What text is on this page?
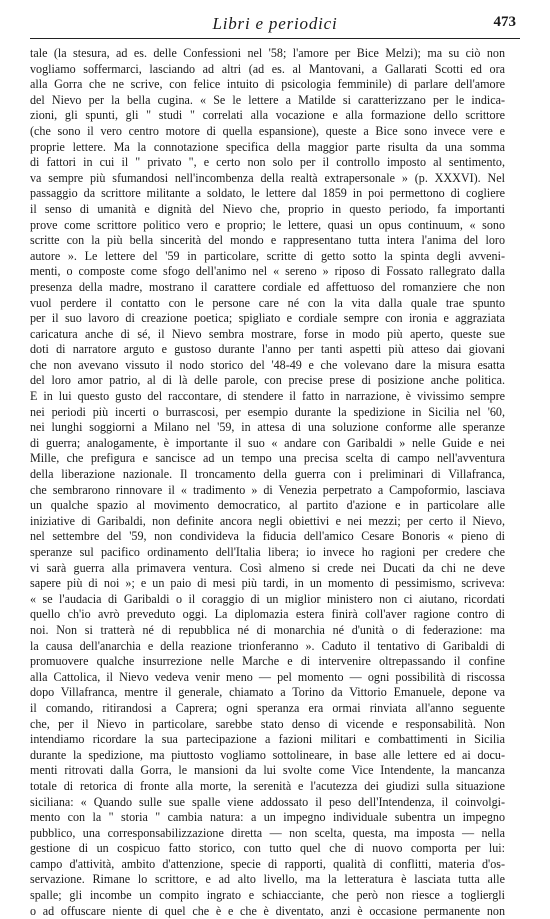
Libri e periodici	473
tale (la stesura, ad es. delle Confessioni nel '58; l'amore per Bice Melzi); ma su ciò non
vogliamo soffermarci, lasciando ad altri (ad es. al Mantovani, a Gallarati Scotti ed ora
alla Gorra che ne scrive, con felice intuito di psicologia femminile) di parlare dell'amore
del Nievo per la bella cugina. « Se le lettere a Matilde si caratterizzano per le indica-
zioni, gli spunti, gli " studi " correlati alla vocazione e alla formazione dello scrittore
(che sono il vero centro motore di quella espansione), queste a Bice sono invece vere e
proprie lettere. Ma la connotazione specifica della maggior parte risulta da una somma
di fattori in cui il " privato ", e certo non solo per il controllo imposto al sentimento,
va sempre più sfumandosi nell'incombenza della realtà extrapersonale » (p. XXXVI). Nel
passaggio da scrittore militante a soldato, le lettere dal 1859 in poi permettono di cogliere
il senso di umanità e dignità del Nievo che, proprio in questo periodo, fa importanti
prove come scrittore politico vero e proprio; le lettere, quasi un opus continuum, « sono
scritte con la più bella sincerità del mondo e rappresentano tutta intera l'anima del loro
autore ». Le lettere del '59 in particolare, scritte di getto sotto la spinta degli avveni-
menti, o composte come sfogo dell'animo nel « sereno » riposo di Fossato rallegrato dalla
presenza della madre, mostrano il carattere cordiale ed affettuoso del romanziere che non
vuol perdere il contatto con le persone care né con la vita dalla quale trae spunto
per il suo lavoro di creazione poetica; spigliato e cordiale sempre con ironia e aggraziata
caricatura anche di sé, il Nievo sembra mostrare, forse in modo più aperto, queste sue
doti di narratore arguto e gustoso durante l'anno per tanti aspetti più atteso dai giovani
che non avevano vissuto il nodo storico del '48-49 e che volevano dare la misura esatta
del loro amor patrio, al di là delle parole, con precise prese di posizione anche politica.
E in lui questo gusto del raccontare, di stendere il fatto in narrazione, è vivissimo sempre
nei periodi più incerti o burrascosi, per esempio durante la spedizione in Sicilia nel '60,
nei lunghi soggiorni a Milano nel '59, in attesa di una soluzione conforme alle speranze
di guerra; analogamente, è importante il suo « andare con Garibaldi » nelle Guide e nei
Mille, che prefigura e sancisce ad un tempo una precisa scelta di campo nell'avventura
della liberazione nazionale. Il troncamento della guerra con i preliminari di Villafranca,
che sembrarono rinnovare il « tradimento » di Venezia perpetrato a Campoformio, lasciava
un qualche spazio al movimento democratico, al partito d'azione e in particolare alle
iniziative di Garibaldi, non definite ancora negli obiettivi e nei mezzi; per certo il Nievo,
nel settembre del '59, non condivideva la fiducia dell'amico Cesare Bonoris « pieno di
speranze sul pacifico ordinamento dell'Italia libera; io invece ho ragioni per credere che
vi sarà guerra alla primavera ventura. Così almeno si crede nei Ducati da chi ne deve
sapere più di noi »; e un paio di mesi più tardi, in un momento di pessimismo, scriveva:
« se l'audacia di Garibaldi o il coraggio di un miglior ministero non ci aiutano, ricordati
quello ch'io avrò preveduto oggi. La diplomazia estera finirà coll'aver ragione contro di
noi. Non si tratterà né di repubblica né di monarchia né d'unità o di federazione: ma
la causa dell'anarchia e della reazione trionferanno ». Caduto il tentativo di Garibaldi di
promuovere qualche insurrezione nelle Marche e di intervenire oltrepassando il confine
alla Cattolica, il Nievo vedeva venir meno — pel momento — ogni possibilità di riscossa
dopo Villafranca, mentre il generale, chiamato a Torino da Vittorio Emanuele, depone va
il comando, ritirandosi a Caprera; ogni speranza era ormai rinviata all'anno seguente
che, per il Nievo in particolare, sarebbe stato denso di vicende e responsabilità. Non
intendiamo ricordare la sua partecipazione a fazioni militari e combattimenti in Sicilia
durante la spedizione, ma piuttosto vogliamo sottolineare, in base alle lettere ed ai docu-
menti ritrovati dalla Gorra, le mansioni da lui svolte come Vice Intendente, la mancanza
totale di retorica di fronte alla morte, la serenità e l'acutezza dei giudizi sulla situazione
siciliana: « Quando sulle sue spalle viene addossato il peso dell'Intendenza, il coinvolgi-
mento con la " storia " cambia natura: a un impegno individuale subentra un impegno
pubblico, una corresponsabilizzazione diretta — non scelta, questa, ma imposta — nella
gestione di un cospicuo fatto storico, con tutto quel che di nuovo comporta per lui:
campo d'attività, ambito d'attenzione, specie di rapporti, qualità di conflitti, materia d'os-
servazione. Rimane lo scrittore, e ad alto livello, ma la letteratura è lasciata tutta alle
spalle; gli incombe un compito ingrato e schiacciante, che però non riesce a toglierglі
o ad offuscare niente di quel che è e che è diventato, anzi è occasione permanente non
